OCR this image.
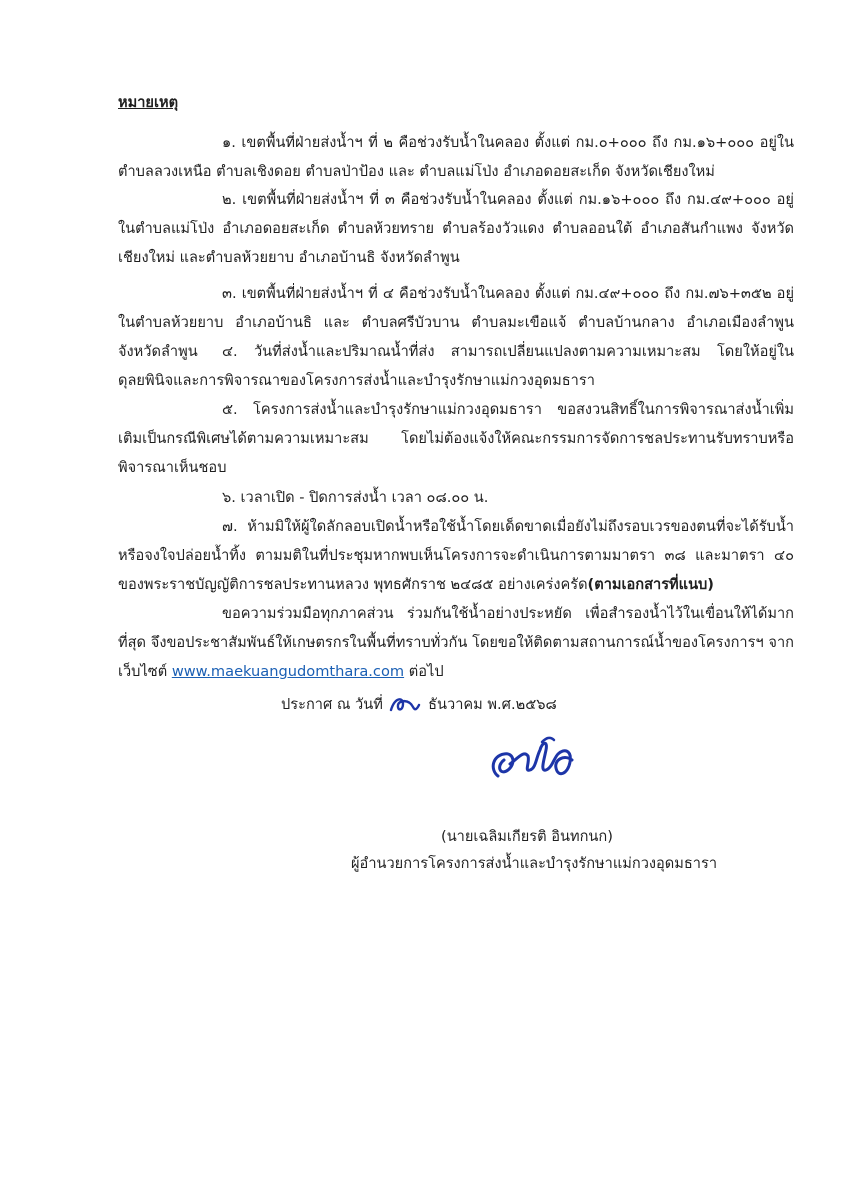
หมายเหตุ
๑. เขตพื้นที่ฝ่ายส่งน้ำฯ ที่ ๒ คือช่วงรับน้ำในคลอง ตั้งแต่ กม.๐+๐๐๐ ถึง กม.๑๖+๐๐๐ อยู่ในตำบลลวงเหนือ ตำบลเชิงดอย ตำบลป่าป้อง และ ตำบลแม่โป่ง อำเภอดอยสะเก็ด จังหวัดเชียงใหม่
๒. เขตพื้นที่ฝ่ายส่งน้ำฯ ที่ ๓ คือช่วงรับน้ำในคลอง ตั้งแต่ กม.๑๖+๐๐๐ ถึง กม.๔๙+๐๐๐ อยู่ในตำบลแม่โป่ง อำเภอดอยสะเก็ด ตำบลห้วยทราย ตำบลร้องวัวแดง ตำบลออนใต้ อำเภอสันกำแพง จังหวัดเชียงใหม่ และตำบลห้วยยาบ อำเภอบ้านธิ จังหวัดลำพูน
๓. เขตพื้นที่ฝ่ายส่งน้ำฯ ที่ ๔ คือช่วงรับน้ำในคลอง ตั้งแต่ กม.๔๙+๐๐๐ ถึง กม.๗๖+๓๕๒ อยู่ในตำบลห้วยยาบ อำเภอบ้านธิ และ ตำบลศรีบัวบาน ตำบลมะเขือแจ้ ตำบลบ้านกลาง อำเภอเมืองลำพูน จังหวัดลำพูน	๔. วันที่ส่งน้ำและปริมาณน้ำที่ส่ง สามารถเปลี่ยนแปลงตามความเหมาะสม โดยให้อยู่ในดุลยพินิจและการพิจารณาของโครงการส่งน้ำและบำรุงรักษาแม่กวงอุดมธารา
๕. โครงการส่งน้ำและบำรุงรักษาแม่กวงอุดมธารา ขอสงวนสิทธิ์ในการพิจารณาส่งน้ำเพิ่มเติมเป็นกรณีพิเศษได้ตามความเหมาะสม โดยไม่ต้องแจ้งให้คณะกรรมการจัดการชลประทานรับทราบหรือพิจารณาเห็นชอบ
๖. เวลาเปิด - ปิดการส่งน้ำ เวลา ๐๘.๐๐ น.
๗. ห้ามมิให้ผู้ใดลักลอบเปิดน้ำหรือใช้น้ำโดยเด็ดขาดเมื่อยังไม่ถึงรอบเวรของตนที่จะได้รับน้ำหรือจงใจปล่อยน้ำทิ้ง ตามมติในที่ประชุมหากพบเห็นโครงการจะดำเนินการตามมาตรา ๓๘ และมาตรา ๔๐ ของพระราชบัญญัติการชลประทานหลวง พุทธศักราช ๒๔๘๕ อย่างเคร่งครัด(ตามเอกสารที่แนบ)
ขอความร่วมมือทุกภาคส่วน ร่วมกันใช้น้ำอย่างประหยัด เพื่อสำรองน้ำไว้ในเขื่อนให้ได้มากที่สุด จึงขอประชาสัมพันธ์ให้เกษตรกรในพื้นที่ทราบทั่วกัน โดยขอให้ติดตามสถานการณ์น้ำของโครงการฯ จากเว็บไซต์ www.maekuangudomthara.com ต่อไป
ประกาศ ณ วันที่	ธันวาคม พ.ศ.๒๕๖๘
(นายเฉลิมเกียรติ อินทกนก)
ผู้อำนวยการโครงการส่งน้ำและบำรุงรักษาแม่กวงอุดมธารา
